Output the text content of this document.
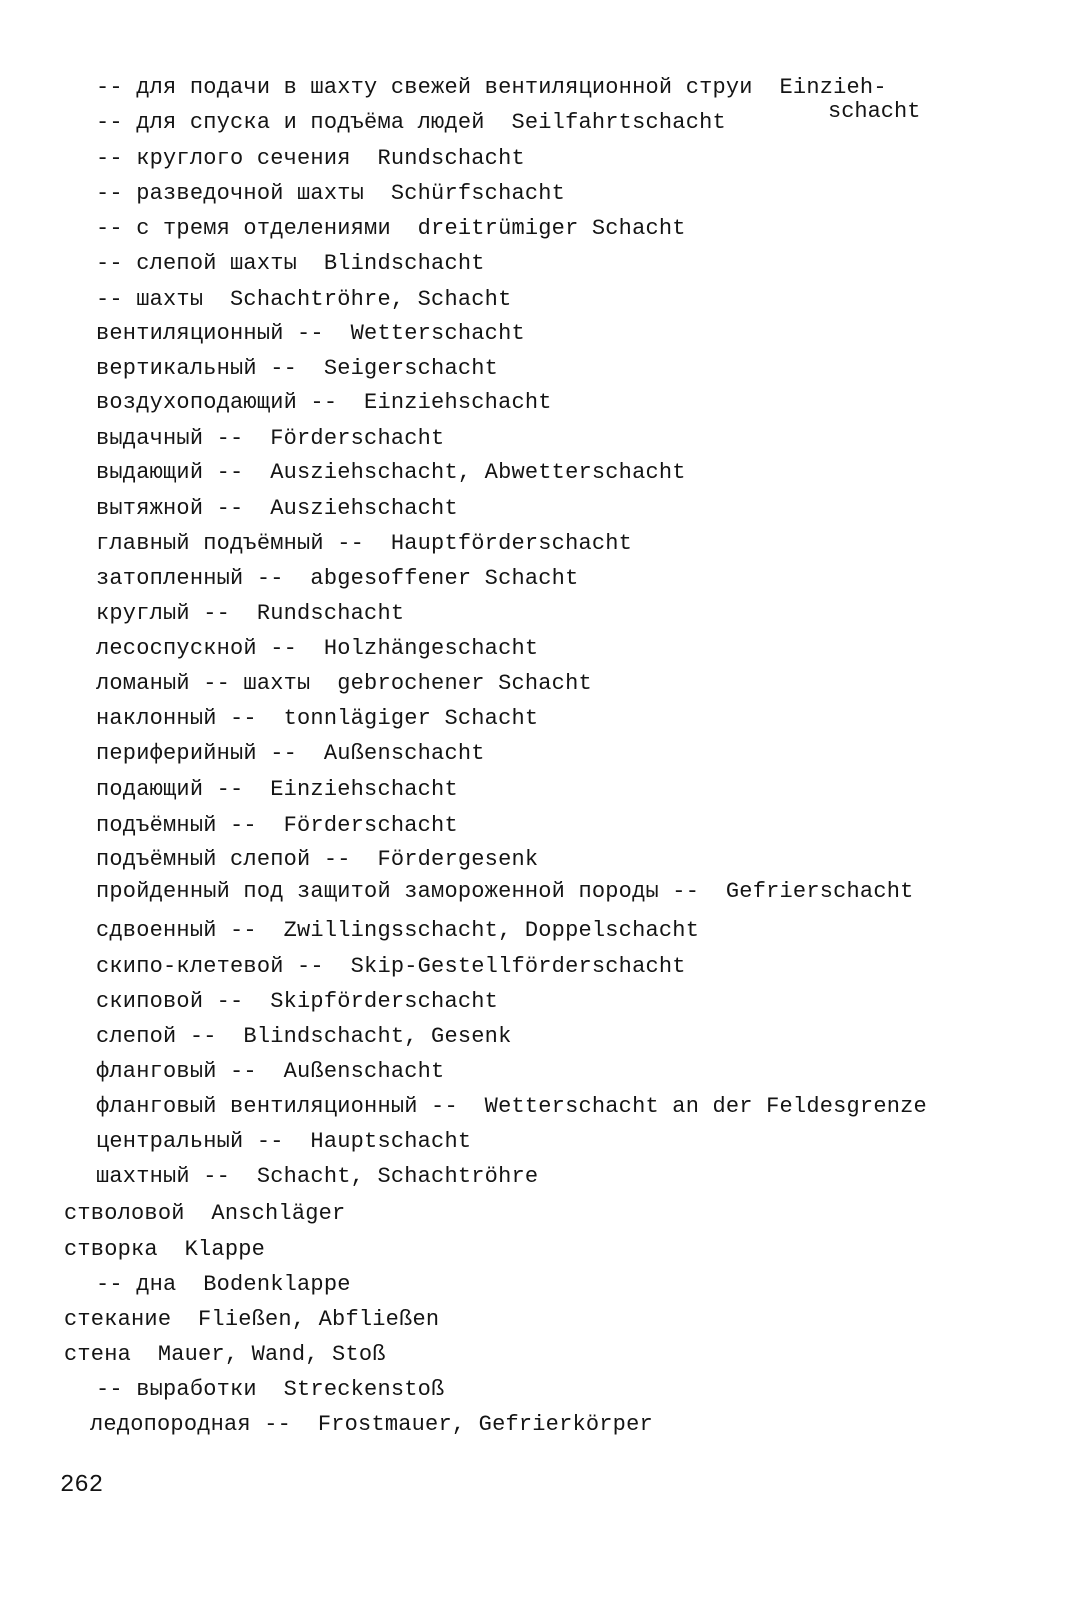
-- для подачи в шахту свежей вентиляционной струи  Einzieh-
schacht
-- для спуска и подъёма людей  Seilfahrtschacht
-- круглого сечения  Rundschacht
-- разведочной шахты  Schürfschacht
-- с тремя отделениями  dreitrümiger Schacht
-- слепой шахты  Blindschacht
-- шахты  Schachtröhre, Schacht
вентиляционный --  Wetterschacht
вертикальный --  Seigerschacht
воздухоподающий --  Einziehschacht
выдачный --  Förderschacht
выдающий --  Ausziehschacht, Abwetterschacht
вытяжной --  Ausziehschacht
главный подъёмный --  Hauptförderschacht
затопленный --  abgesoffener Schacht
круглый --  Rundschacht
лесоспускной --  Holzhängeschacht
ломаный -- шахты  gebrochener Schacht
наклонный --  tonnlägiger Schacht
периферийный --  Außenschacht
подающий --  Einziehschacht
подъёмный --  Förderschacht
подъёмный слепой --  Fördergesenk
пройденный под защитой замороженной породы --  Gefrierschacht
сдвоенный --  Zwillingsschacht, Doppelschacht
скипо-клетевой --  Skip-Gestellförderschacht
скиповой --  Skipförderschacht
слепой --  Blindschacht, Gesenk
фланговый --  Außenschacht
фланговый вентиляционный --  Wetterschacht an der Feldesgrenze
центральный --  Hauptschacht
шахтный --  Schacht, Schachtröhre
стволовой  Anschläger
створка  Klappe
-- дна  Bodenklappe
стекание  Fließen, Abfließen
стена  Mauer, Wand, Stoß
-- выработки  Streckenstoß
ледопородная --  Frostmauer, Gefrierkörper
262
